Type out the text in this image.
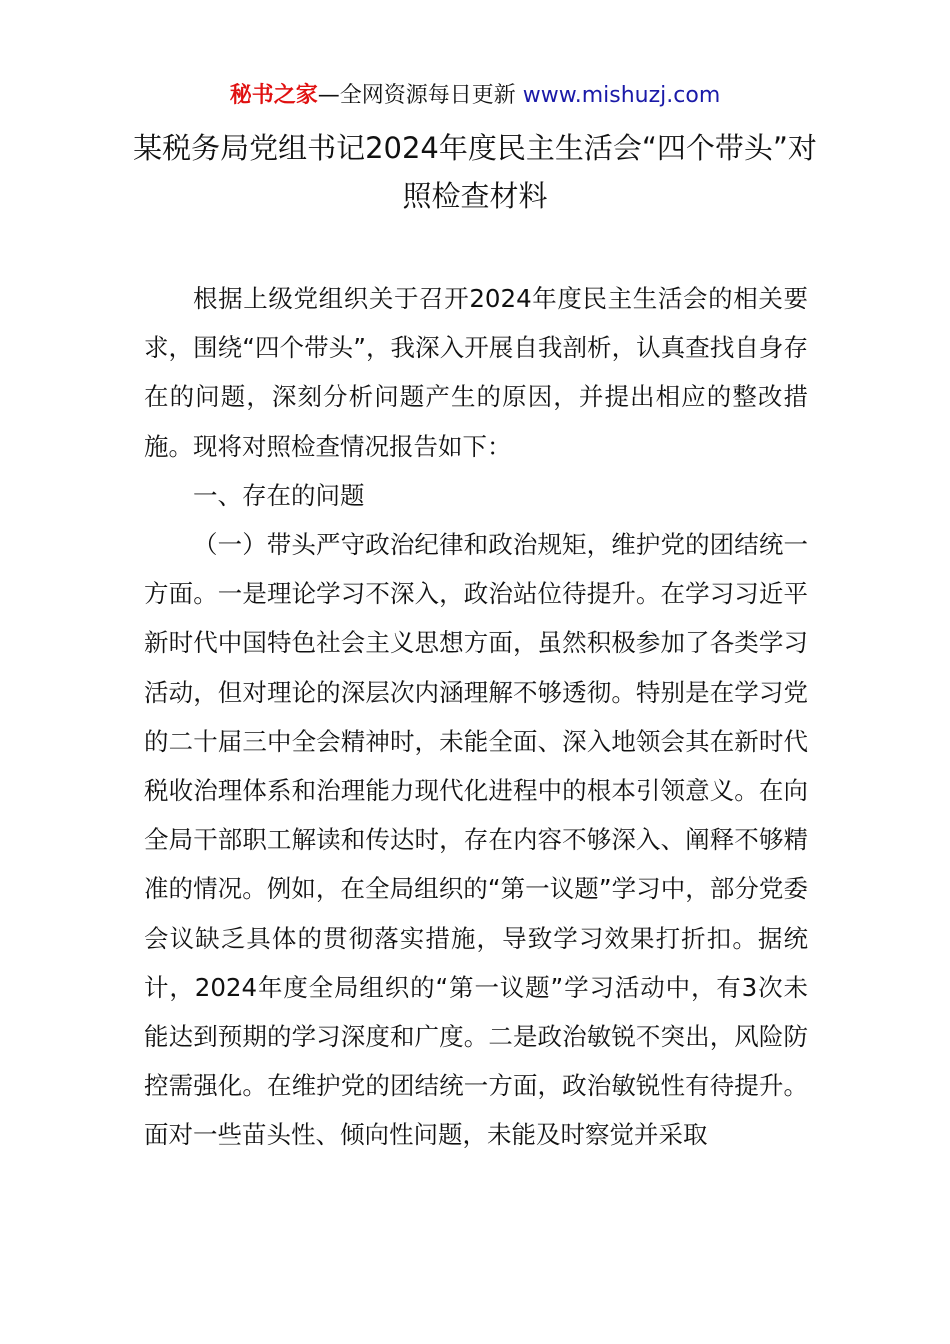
秘书之家—全网资源每日更新 www.mishuzj.com
某税务局党组书记2024年度民主生活会“四个带头”对照检查材料

根据上级党组织关于召开2024年度民主生活会的相关要求，围绕“四个带头”，我深入开展自我剖析，认真查找自身存在的问题，深刻分析问题产生的原因，并提出相应的整改措施。现将对照检查情况报告如下：

一、存在的问题

（一）带头严守政治纪律和政治规矩，维护党的团结统一方面。一是理论学习不深入，政治站位待提升。在学习习近平新时代中国特色社会主义思想方面，虽然积极参加了各类学习活动，但对理论的深层次内涵理解不够透彻。特别是在学习党的二十届三中全会精神时，未能全面、深入地领会其在新时代税收治理体系和治理能力现代化进程中的根本引领意义。在向全局干部职工解读和传达时，存在内容不够深入、阐释不够精准的情况。例如，在全局组织的“第一议题”学习中，部分党委会议缺乏具体的贯彻落实措施，导致学习效果打折扣。据统计，2024年度全局组织的“第一议题”学习活动中，有3次未能达到预期的学习深度和广度。二是政治敏锐不突出，风险防控需强化。在维护党的团结统一方面，政治敏锐性有待提升。面对一些苗头性、倾向性问题，未能及时察觉并采取
